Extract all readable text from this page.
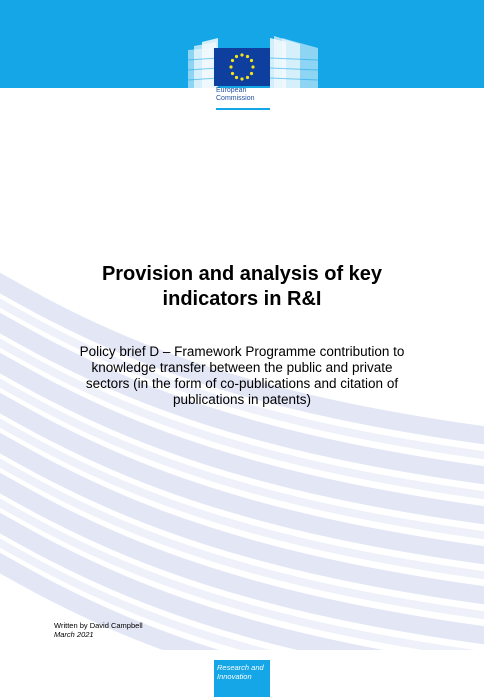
European
Commission
Provision and analysis of key
indicators in R&I
Policy brief D – Framework Programme contribution to
knowledge transfer between the public and private
sectors (in the form of co-publications and citation of
publications in patents)
Written by David Campbell
March 2021
Research and
Innovation
